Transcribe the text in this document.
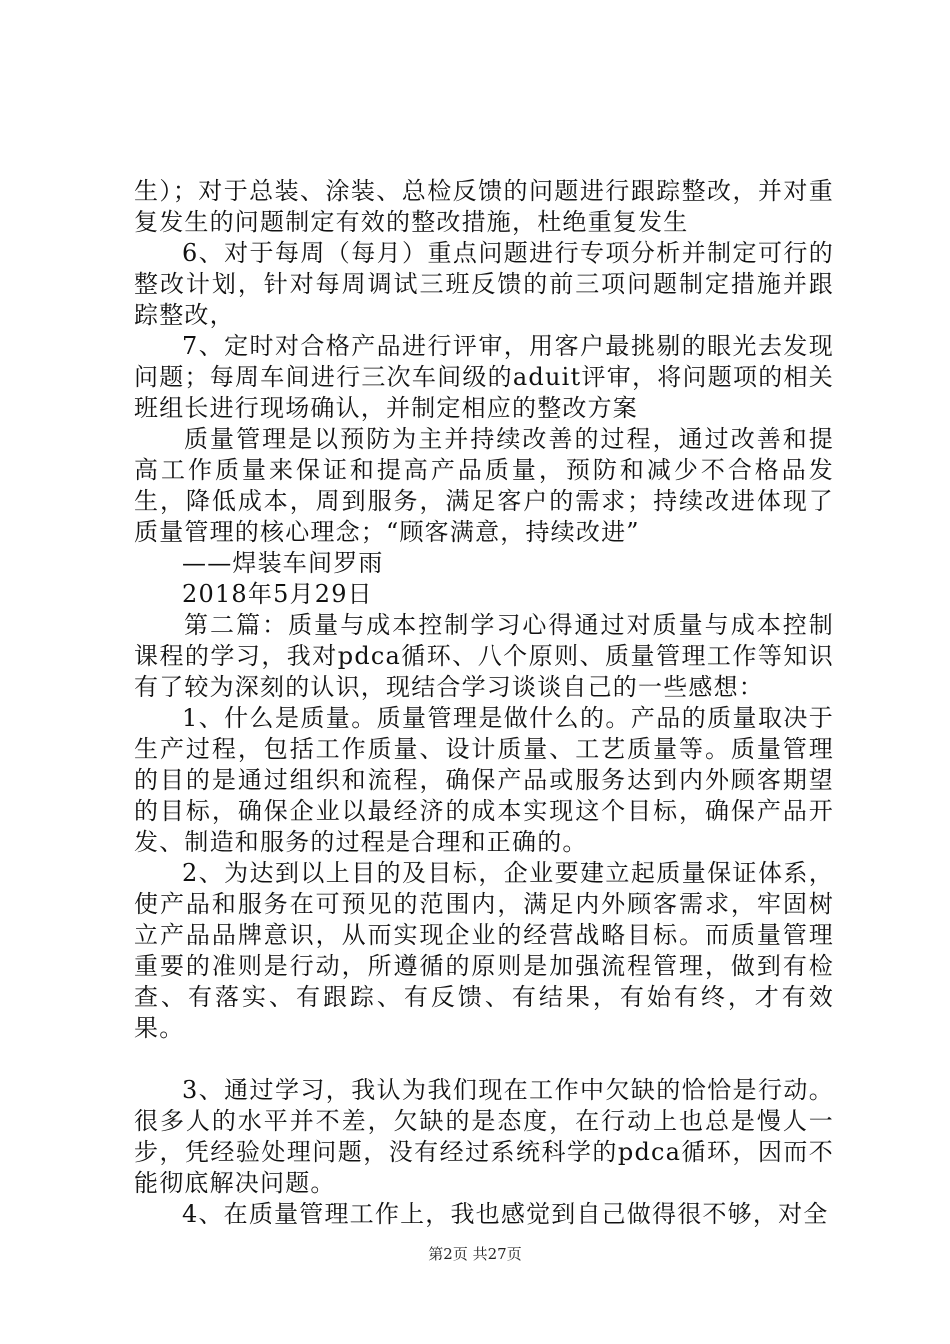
生）；对于总装、涂装、总检反馈的问题进行跟踪整改，并对重复发生的问题制定有效的整改措施，杜绝重复发生

6、对于每周（每月）重点问题进行专项分析并制定可行的整改计划，针对每周调试三班反馈的前三项问题制定措施并跟踪整改，

7、定时对合格产品进行评审，用客户最挑剔的眼光去发现问题；每周车间进行三次车间级的aduit评审，将问题项的相关班组长进行现场确认，并制定相应的整改方案

质量管理是以预防为主并持续改善的过程，通过改善和提高工作质量来保证和提高产品质量，预防和减少不合格品发生，降低成本，周到服务，满足客户的需求；持续改进体现了质量管理的核心理念；“顾客满意，持续改进”

——焊装车间罗雨

2018年5月29日

第二篇：质量与成本控制学习心得通过对质量与成本控制课程的学习，我对pdca循环、八个原则、质量管理工作等知识有了较为深刻的认识，现结合学习谈谈自己的一些感想：

1、什么是质量。质量管理是做什么的。产品的质量取决于生产过程，包括工作质量、设计质量、工艺质量等。质量管理的目的是通过组织和流程，确保产品或服务达到内外顾客期望的目标，确保企业以最经济的成本实现这个目标，确保产品开发、制造和服务的过程是合理和正确的。

2、为达到以上目的及目标，企业要建立起质量保证体系，使产品和服务在可预见的范围内，满足内外顾客需求，牢固树立产品品牌意识，从而实现企业的经营战略目标。而质量管理重要的准则是行动，所遵循的原则是加强流程管理，做到有检查、有落实、有跟踪、有反馈、有结果，有始有终，才有效果。

3、通过学习，我认为我们现在工作中欠缺的恰恰是行动。很多人的水平并不差，欠缺的是态度，在行动上也总是慢人一步，凭经验处理问题，没有经过系统科学的pdca循环，因而不能彻底解决问题。

4、在质量管理工作上，我也感觉到自己做得很不够，对全

第2页 共27页
